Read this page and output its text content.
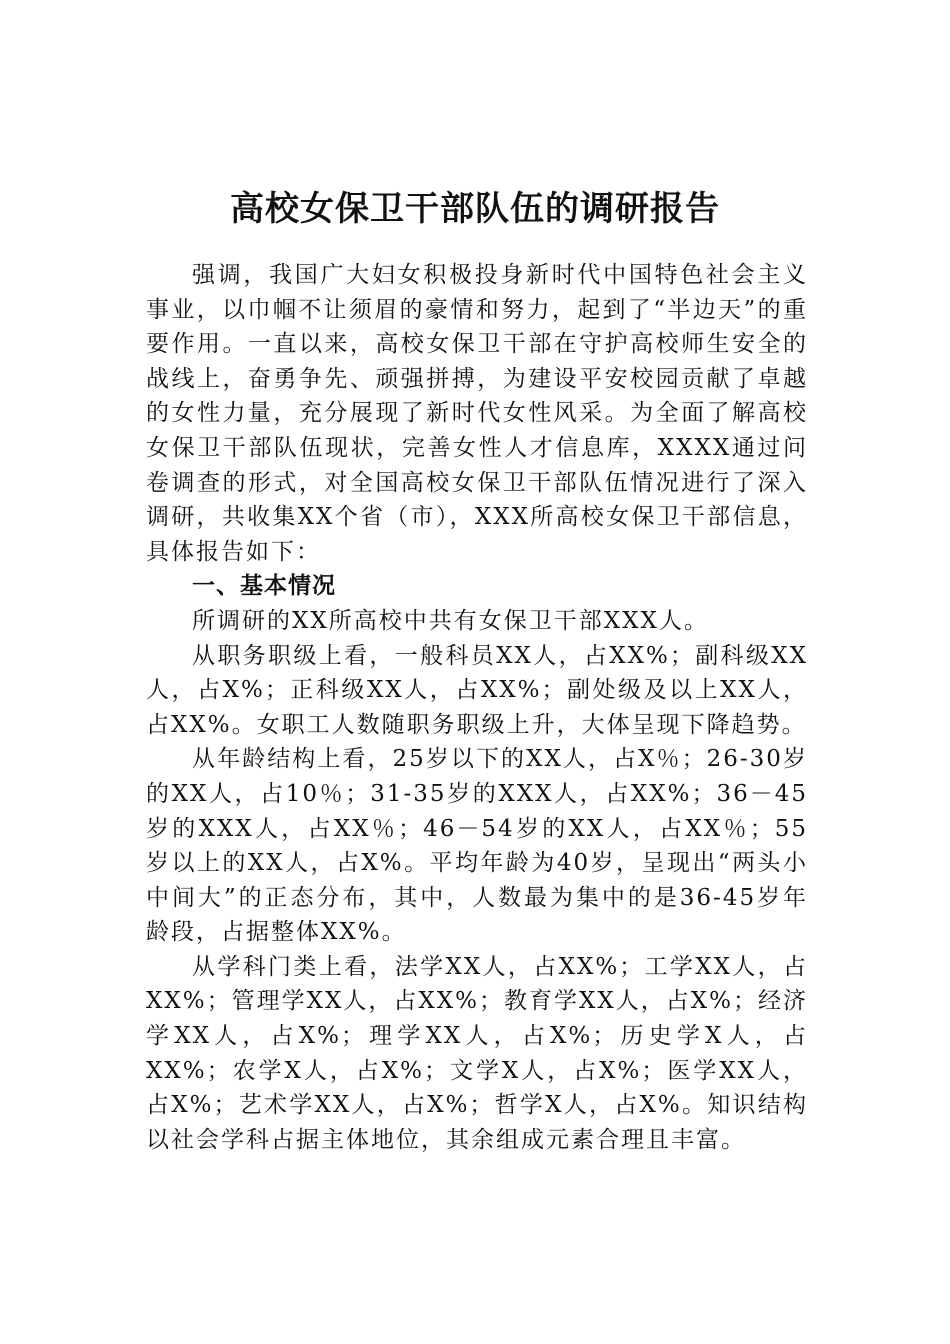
高校女保卫干部队伍的调研报告

强调，我国广大妇女积极投身新时代中国特色社会主义事业，以巾帼不让须眉的豪情和努力，起到了“半边天”的重要作用。一直以来，高校女保卫干部在守护高校师生安全的战线上，奋勇争先、顽强拼搏，为建设平安校园贡献了卓越的女性力量，充分展现了新时代女性风采。为全面了解高校女保卫干部队伍现状，完善女性人才信息库，XXXX通过问卷调查的形式，对全国高校女保卫干部队伍情况进行了深入调研，共收集XX个省（市），XXX所高校女保卫干部信息，具体报告如下：

一、基本情况

所调研的XX所高校中共有女保卫干部XXX人。

从职务职级上看，一般科员XX人，占XX%；副科级XX人，占X%；正科级XX人，占XX%；副处级及以上XX人，占XX%。女职工人数随职务职级上升，大体呈现下降趋势。

从年龄结构上看，25岁以下的XX人，占X％；26-30岁的XX人，占10％；31-35岁的XXX人，占XX%；36－45岁的XXX人，占XX％；46－54岁的XX人，占XX％；55岁以上的XX人，占X%。平均年龄为40岁，呈现出“两头小中间大”的正态分布，其中，人数最为集中的是36-45岁年龄段，占据整体XX%。

从学科门类上看，法学XX人，占XX%；工学XX人，占XX%；管理学XX人，占XX%；教育学XX人，占X%；经济学XX人，占X%；理学XX人，占X%；历史学X人，占XX%；农学X人，占X%；文学X人，占X%；医学XX人，占X%；艺术学XX人，占X%；哲学X人，占X%。知识结构以社会学科占据主体地位，其余组成元素合理且丰富。
